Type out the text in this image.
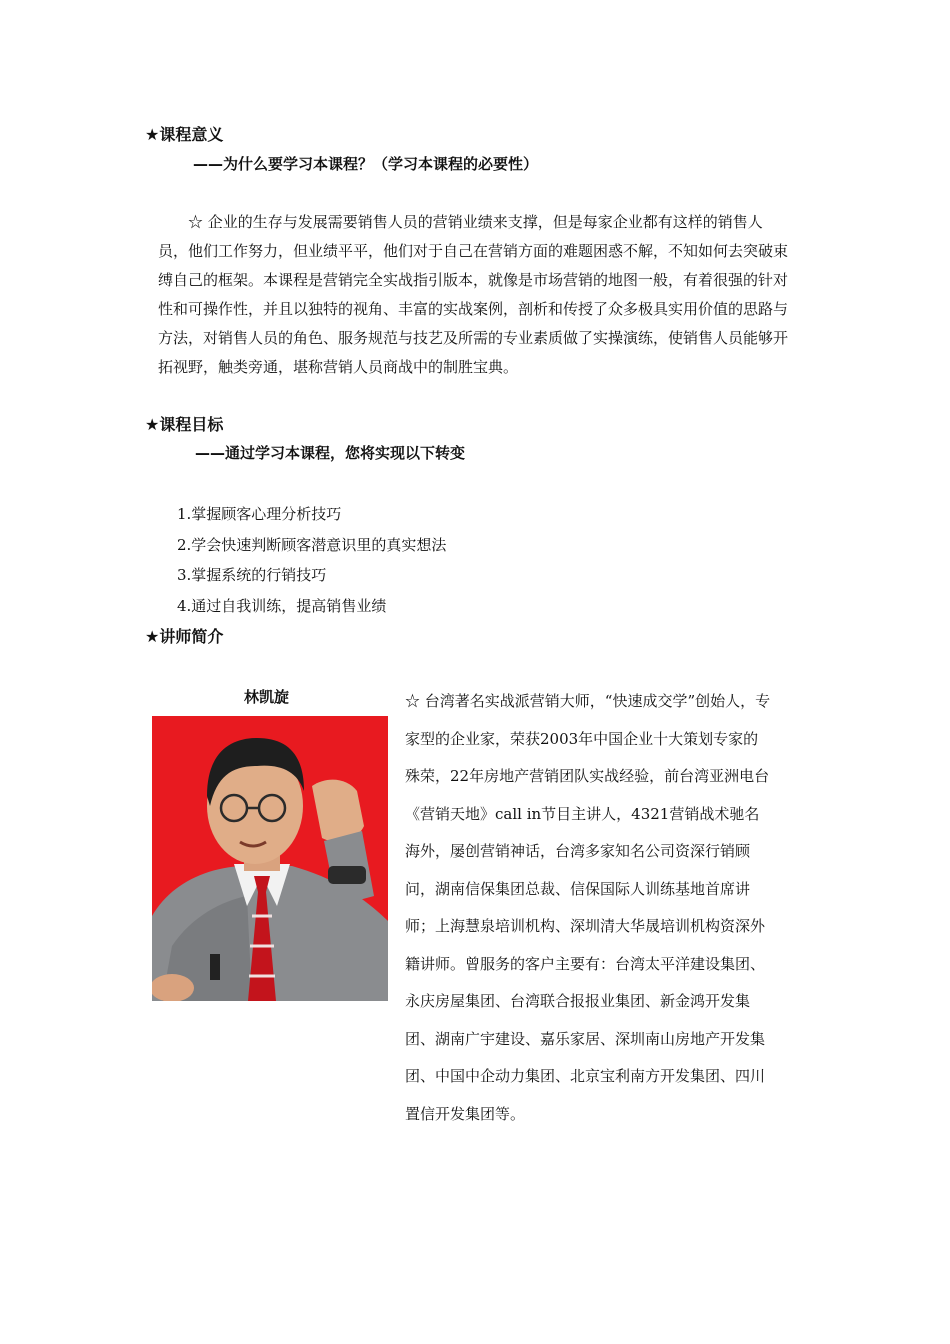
★课程意义
——为什么要学习本课程？（学习本课程的必要性）

☆ 企业的生存与发展需要销售人员的营销业绩来支撑，但是每家企业都有这样的销售人员，他们工作努力，但业绩平平，他们对于自己在营销方面的难题困惑不解，不知如何去突破束缚自己的框架。本课程是营销完全实战指引版本，就像是市场营销的地图一般，有着很强的针对性和可操作性，并且以独特的视角、丰富的实战案例，剖析和传授了众多极具实用价值的思路与方法，对销售人员的角色、服务规范与技艺及所需的专业素质做了实操演练，使销售人员能够开拓视野，触类旁通，堪称营销人员商战中的制胜宝典。

★课程目标
——通过学习本课程，您将实现以下转变
1.掌握顾客心理分析技巧
2.学会快速判断顾客潜意识里的真实想法
3.掌握系统的行销技巧
4.通过自我训练，提高销售业绩
★讲师简介
林凯旋	☆ 台湾著名实战派营销大师，“快速成交学”创始人，专家型的企业家，荣获2003年中国企业十大策划专家的殊荣，22年房地产营销团队实战经验，前台湾亚洲电台《营销天地》call in节目主讲人，4321营销战术驰名海外，屡创营销神话，台湾多家知名公司资深行销顾问，湖南信保集团总裁、信保国际人训练基地首席讲师；上海慧泉培训机构、深圳清大华晟培训机构资深外籍讲师。曾服务的客户主要有：台湾太平洋建设集团、永庆房屋集团、台湾联合报报业集团、新金鸿开发集团、湖南广宇建设、嘉乐家居、深圳南山房地产开发集团、中国中企动力集团、北京宝利南方开发集团、四川置信开发集团等。
